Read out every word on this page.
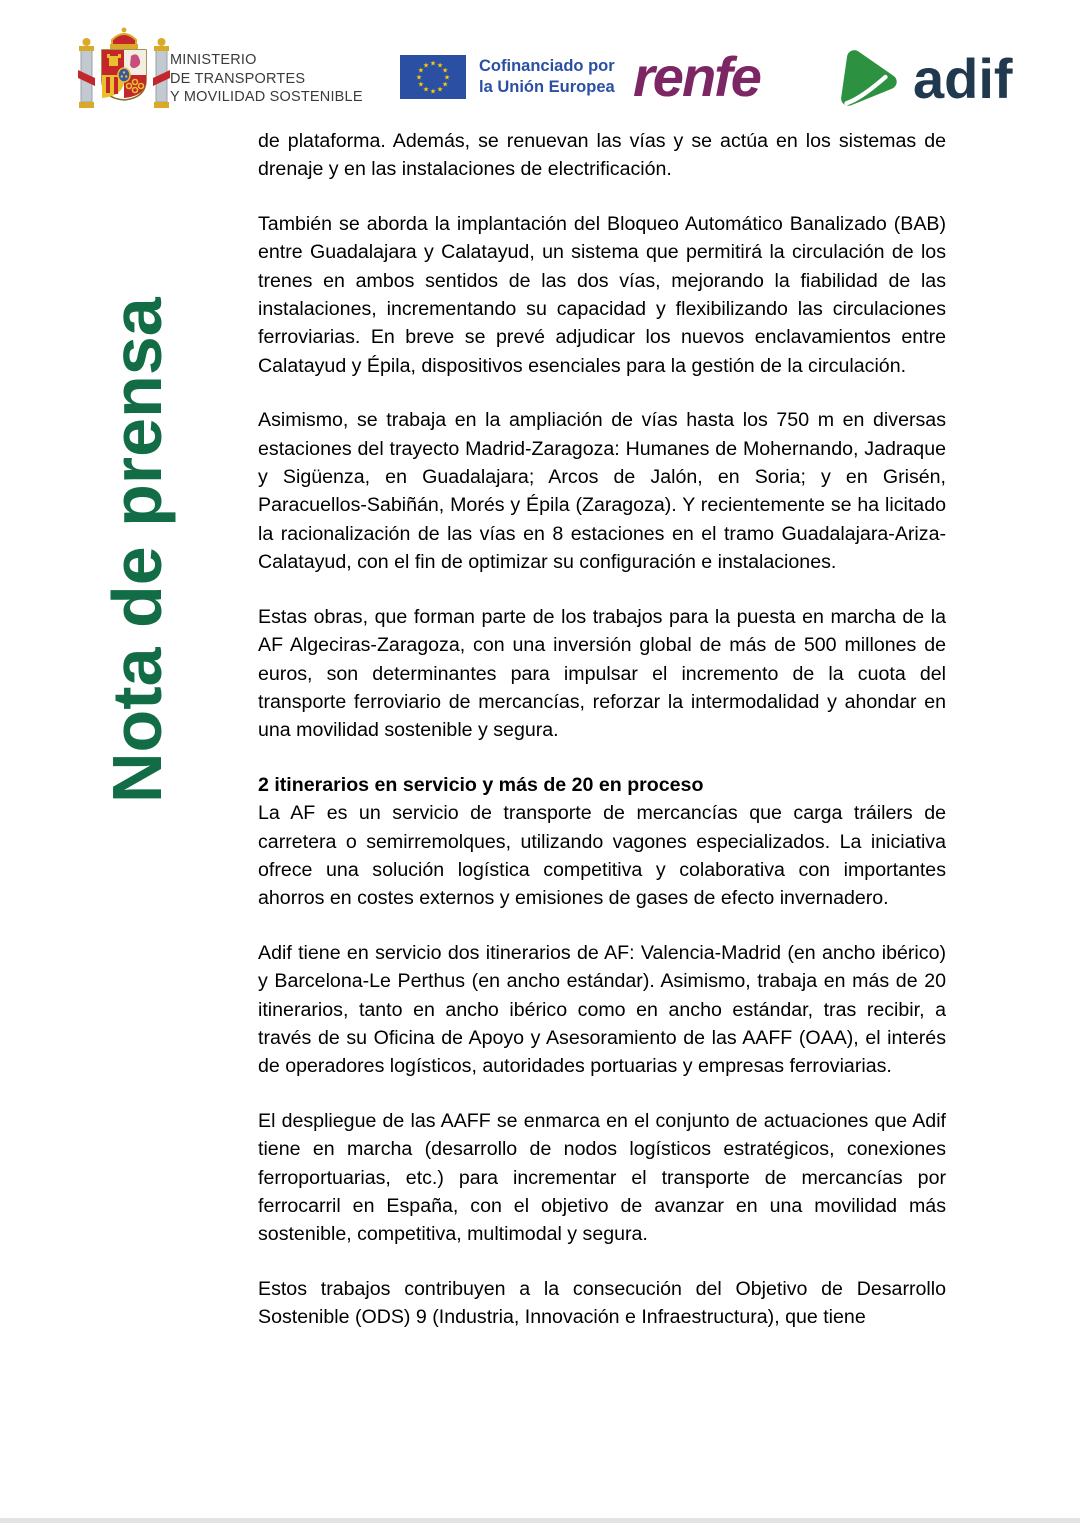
MINISTERIO
DE TRANSPORTES
Y MOVILIDAD SOSTENIBLE
★ ★
★
★
★
★
★
★
★
★
★
★	Cofinanciado por
la Unión Europea renfe	adif
Nota de prensa

de plataforma. Además, se renuevan las vías y se actúa en los sistemas de drenaje y en las instalaciones de electrificación.

También se aborda la implantación del Bloqueo Automático Banalizado (BAB) entre Guadalajara y Calatayud, un sistema que permitirá la circulación de los trenes en ambos sentidos de las dos vías, mejorando la fiabilidad de las instalaciones, incrementando su capacidad y flexibilizando las circulaciones ferroviarias. En breve se prevé adjudicar los nuevos enclavamientos entre Calatayud y Épila, dispositivos esenciales para la gestión de la circulación.

Asimismo, se trabaja en la ampliación de vías hasta los 750 m en diversas estaciones del trayecto Madrid-Zaragoza: Humanes de Mohernando, Jadraque y Sigüenza, en Guadalajara; Arcos de Jalón, en Soria; y en Grisén, Paracuellos-Sabiñán, Morés y Épila (Zaragoza). Y recientemente se ha licitado la racionalización de las vías en 8 estaciones en el tramo Guadalajara-Ariza-Calatayud, con el fin de optimizar su configuración e instalaciones.

Estas obras, que forman parte de los trabajos para la puesta en marcha de la AF Algeciras-Zaragoza, con una inversión global de más de 500 millones de euros, son determinantes para impulsar el incremento de la cuota del transporte ferroviario de mercancías, reforzar la intermodalidad y ahondar en una movilidad sostenible y segura.

2 itinerarios en servicio y más de 20 en proceso

La AF es un servicio de transporte de mercancías que carga tráilers de carretera o semirremolques, utilizando vagones especializados. La iniciativa ofrece una solución logística competitiva y colaborativa con importantes ahorros en costes externos y emisiones de gases de efecto invernadero.

Adif tiene en servicio dos itinerarios de AF: Valencia-Madrid (en ancho ibérico) y Barcelona-Le Perthus (en ancho estándar). Asimismo, trabaja en más de 20 itinerarios, tanto en ancho ibérico como en ancho estándar, tras recibir, a través de su Oficina de Apoyo y Asesoramiento de las AAFF (OAA), el interés de operadores logísticos, autoridades portuarias y empresas ferroviarias.

El despliegue de las AAFF se enmarca en el conjunto de actuaciones que Adif tiene en marcha (desarrollo de nodos logísticos estratégicos, conexiones ferroportuarias, etc.) para incrementar el transporte de mercancías por ferrocarril en España, con el objetivo de avanzar en una movilidad más sostenible, competitiva, multimodal y segura.

Estos trabajos contribuyen a la consecución del Objetivo de Desarrollo Sostenible (ODS) 9 (Industria, Innovación e Infraestructura), que tiene
